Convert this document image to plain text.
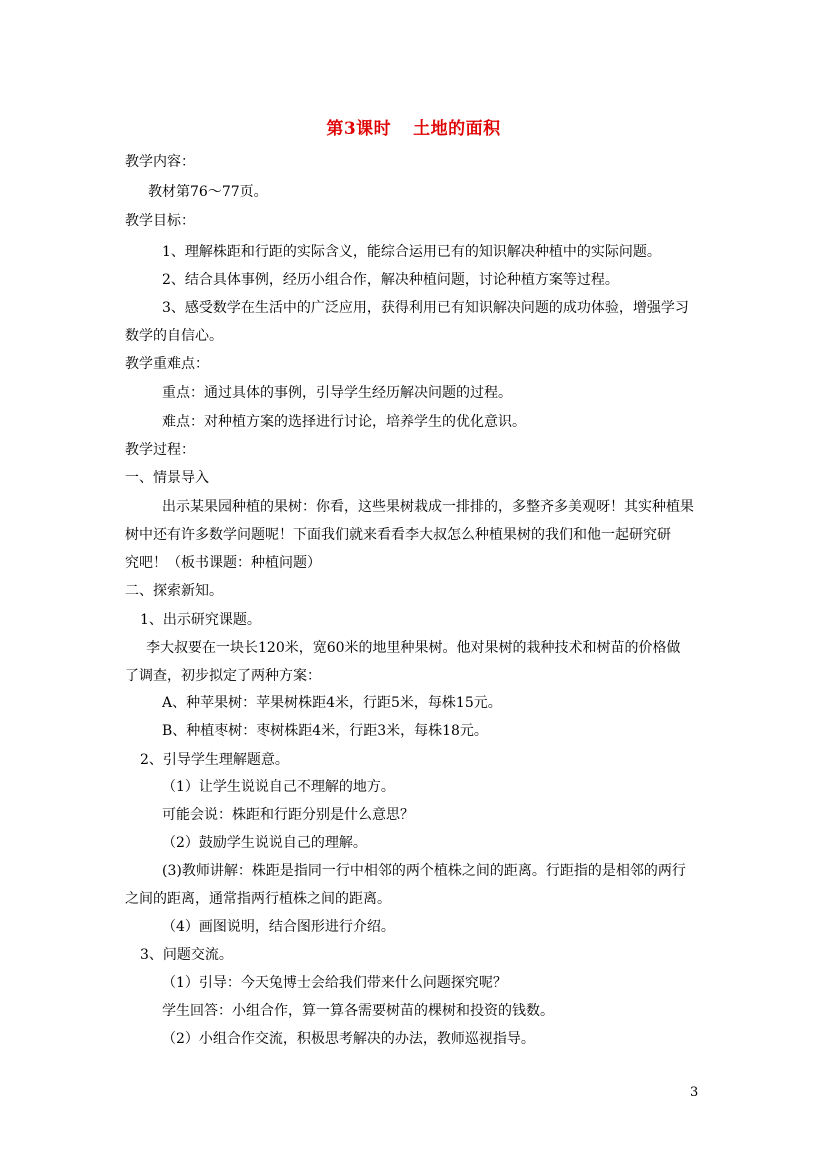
第3课时 土地的面积
教学内容：
教材第76～77页。
教学目标：
1、理解株距和行距的实际含义，能综合运用已有的知识解决种植中的实际问题。
2、结合具体事例，经历小组合作，解决种植问题，讨论种植方案等过程。
3、感受数学在生活中的广泛应用，获得利用已有知识解决问题的成功体验，增强学习
数学的自信心。
教学重难点：
重点：通过具体的事例，引导学生经历解决问题的过程。
难点：对种植方案的选择进行讨论，培养学生的优化意识。
教学过程：
一、情景导入
出示某果园种植的果树：你看，这些果树栽成一排排的，多整齐多美观呀！其实种植果
树中还有许多数学问题呢！下面我们就来看看李大叔怎么种植果树的我们和他一起研究研
究吧！（板书课题：种植问题）
二、探索新知。
1、出示研究课题。
李大叔要在一块长120米，宽60米的地里种果树。他对果树的栽种技术和树苗的价格做
了调查，初步拟定了两种方案：
A、种苹果树：苹果树株距4米，行距5米，每株15元。
B、种植枣树：枣树株距4米，行距3米，每株18元。
2、引导学生理解题意。
（1）让学生说说自己不理解的地方。
可能会说：株距和行距分别是什么意思？
（2）鼓励学生说说自己的理解。
(3)教师讲解：株距是指同一行中相邻的两个植株之间的距离。行距指的是相邻的两行
之间的距离，通常指两行植株之间的距离。
（4）画图说明，结合图形进行介绍。
3、问题交流。
（1）引导：今天兔博士会给我们带来什么问题探究呢？
学生回答：小组合作，算一算各需要树苗的棵树和投资的钱数。
（2）小组合作交流，积极思考解决的办法，教师巡视指导。
3
